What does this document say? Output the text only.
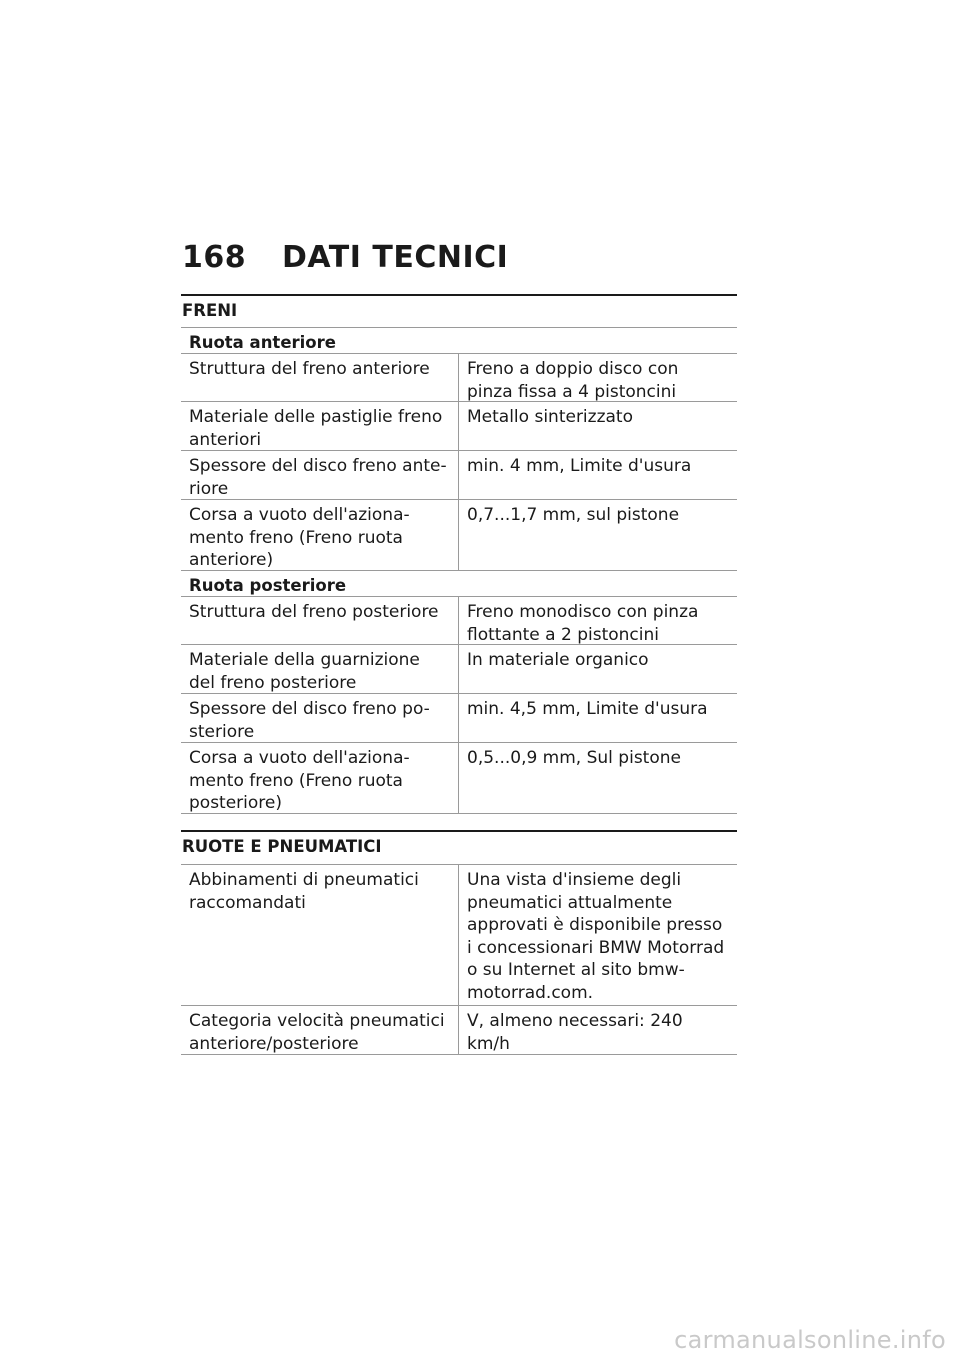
168 DATI TECNICI
FRENI
Ruota anteriore
Struttura del freno anteriore	Freno a doppio disco con pinza fissa a 4 pistoncini
Materiale delle pastiglie freno anteriori
Metallo sinterizzato
Spessore del disco freno ante-riore
min. 4 mm, Limite d'usura
Corsa a vuoto dell'aziona-mento freno (Freno ruota anteriore)
0,7...1,7 mm, sul pistone
Ruota posteriore
Struttura del freno posteriore	Freno monodisco con pinza flottante a 2 pistoncini
Materiale della guarnizione del freno posteriore
In materiale organico
Spessore del disco freno po-steriore
min. 4,5 mm, Limite d'usura
Corsa a vuoto dell'aziona-mento freno (Freno ruota posteriore)
0,5...0,9 mm, Sul pistone
RUOTE E PNEUMATICI
Abbinamenti di pneumatici raccomandati
Una vista d'insieme degli pneumatici attualmente approvati è disponibile presso i concessionari BMW Motorrad o su Internet al sito bmw-motorrad.com.
Categoria velocità pneumatici anteriore/posteriore
V, almeno necessari: 240 km/h
carmanualsonline.info
